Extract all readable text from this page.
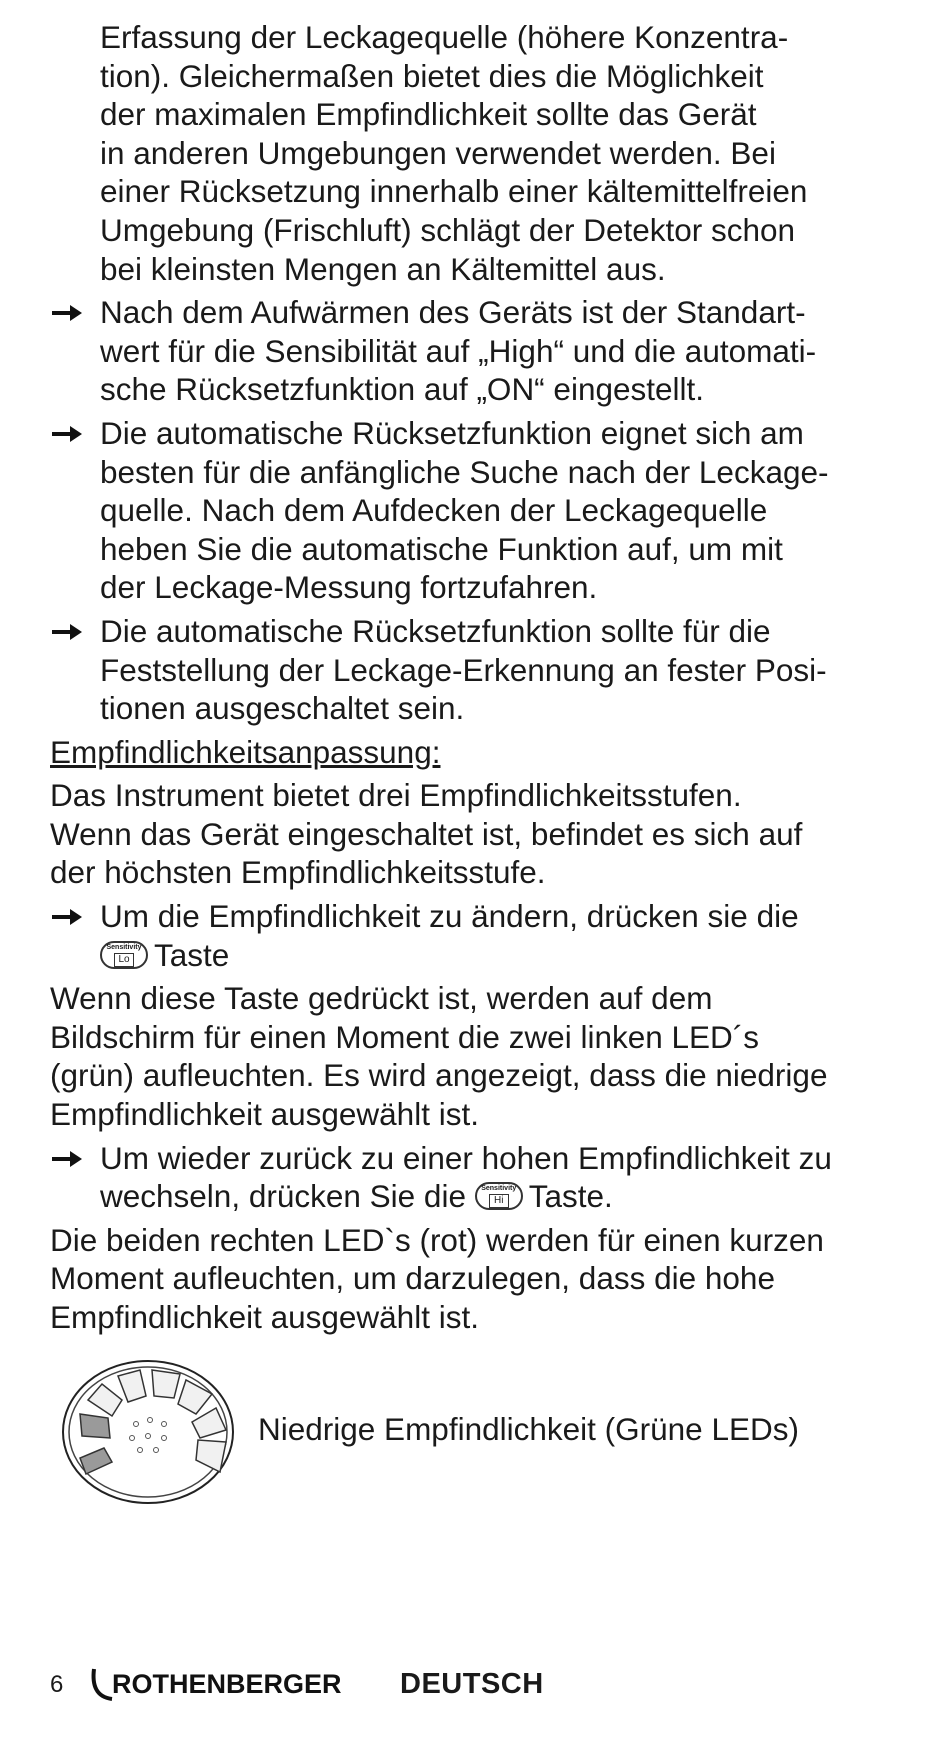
Erfassung der Leckagequelle (höhere Konzentra-

tion). Gleichermaßen bietet dies die Möglichkeit

der maximalen Empfindlichkeit sollte das Gerät

in anderen Umgebungen verwendet werden. Bei

einer Rücksetzung innerhalb einer kältemittelfreien

Umgebung (Frischluft) schlägt der Detektor schon

bei kleinsten Mengen an Kältemittel aus.

Nach dem Aufwärmen des Geräts ist der Standart-
wert für die Sensibilität auf „High“ und die automati-
sche Rücksetzfunktion auf „ON“ eingestellt.
Die automatische Rücksetzfunktion eignet sich am
besten für die anfängliche Suche nach der Leckage-
quelle. Nach dem Aufdecken der Leckagequelle
heben Sie die automatische Funktion auf, um mit
der Leckage-Messung fortzufahren.
Die automatische Rücksetzfunktion sollte für die
Feststellung der Leckage-Erkennung an fester Posi-
tionen ausgeschaltet sein.
Empfindlichkeitsanpassung:

Das Instrument bietet drei Empfindlichkeitsstufen.

Wenn das Gerät eingeschaltet ist, befindet es sich auf

der höchsten Empfindlichkeitsstufe.

Um die Empfindlichkeit zu ändern, drücken sie die
Sensitivity
Lo Taste

Wenn diese Taste gedrückt ist, werden auf dem

Bildschirm für einen Moment die zwei linken LED´s

(grün) aufleuchten. Es wird angezeigt, dass die niedrige

Empfindlichkeit ausgewählt ist.

Um wieder zurück zu einer hohen Empfindlichkeit zu
wechseln, drücken Sie die	Sensitivity
Hi Taste.

Die beiden rechten LED`s (rot) werden für einen kurzen

Moment aufleuchten, um darzulegen, dass die hohe

Empfindlichkeit ausgewählt ist.

Niedrige Empfindlichkeit (Grüne LEDs)
6 ROTHENBERGER DEUTSCH
